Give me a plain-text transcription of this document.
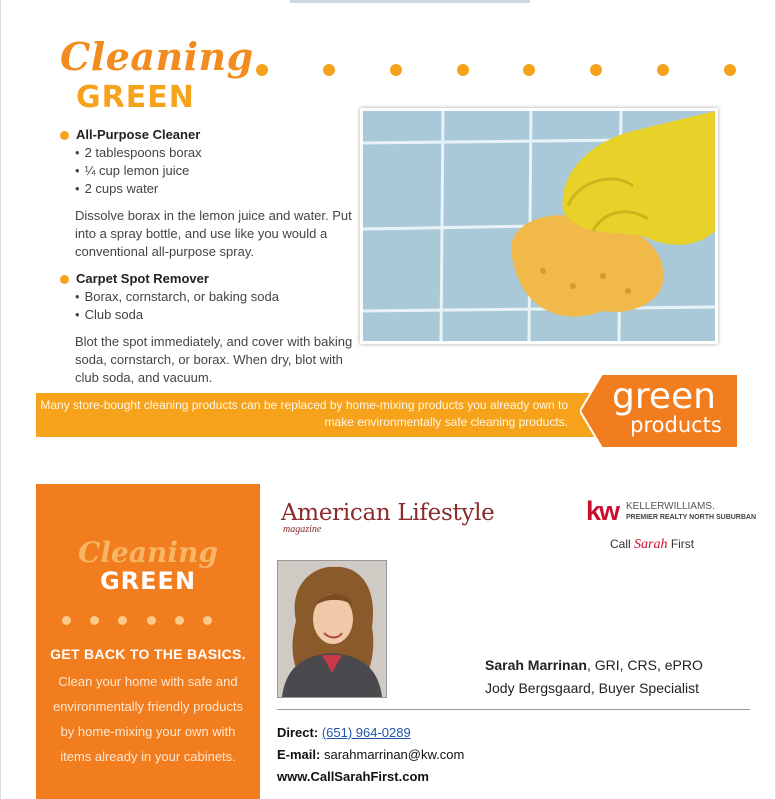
Cleaning
GREEN
All-Purpose Cleaner
• 2 tablespoons borax
• ¼ cup lemon juice
• 2 cups water

Dissolve borax in the lemon juice and water. Put into a spray bottle, and use like you would a conventional all-purpose spray.

Carpet Spot Remover
• Borax, cornstarch, or baking soda
• Club soda

Blot the spot immediately, and cover with baking soda, cornstarch, or borax. When dry, blot with club soda, and vacuum.

Many store-bought cleaning products can be replaced by home-mixing products you already own to make environmentally safe cleaning products.
green
products
Cleaning
GREEN
GET BACK TO THE BASICS.
Clean your home with safe and environmentally friendly products by home-mixing your own with items already in your cabinets.
American Lifestyle
magazine
kw KELLERWILLIAMS.
PREMIER REALTY NORTH SUBURBAN
Call Sarah First
Sarah Marrinan, GRI, CRS, ePRO
Jody Bergsgaard, Buyer Specialist
Direct: (651) 964-0289
E-mail: sarahmarrinan@kw.com
www.CallSarahFirst.com
